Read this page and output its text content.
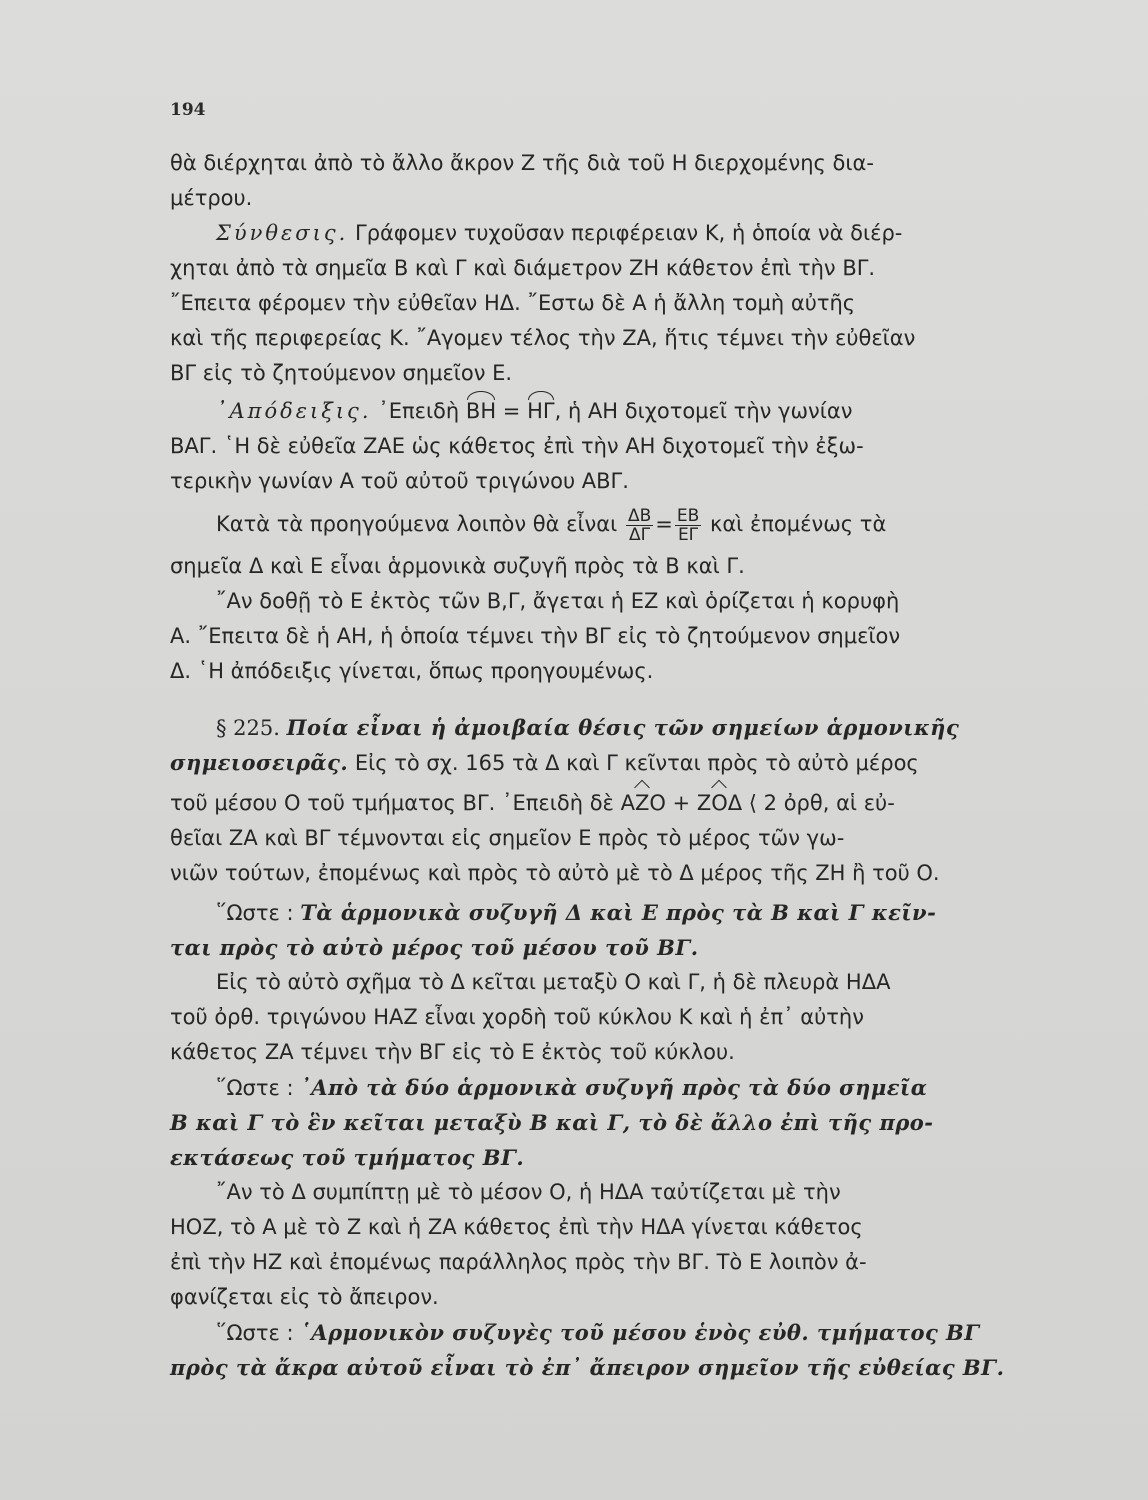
194
θὰ διέρχηται ἀπὸ τὸ ἄλλο ἄκρον Ζ τῆς διὰ τοῦ Η διερχομένης δια-
μέτρου.
Σύνθεσις. Γράφομεν τυχοῦσαν περιφέρειαν Κ, ἡ ὁποία νὰ διέρ-
χηται ἀπὸ τὰ σημεῖα Β καὶ Γ καὶ διάμετρον ΖΗ κάθετον ἐπὶ τὴν ΒΓ.
῎Επειτα φέρομεν τὴν εὐθεῖαν ΗΔ. ῎Εστω δὲ Α ἡ ἄλλη τομὴ αὐτῆς
καὶ τῆς περιφερείας Κ. ῎Αγομεν τέλος τὴν ΖΑ, ἥτις τέμνει τὴν εὐθεῖαν
ΒΓ εἰς τὸ ζητούμενον σημεῖον Ε.
᾿Απόδειξις. ᾿Επειδὴ ΒΗ = ΗΓ, ἡ ΑΗ διχοτομεῖ τὴν γωνίαν
ΒΑΓ. ῾Η δὲ εὐθεῖα ΖΑΕ ὡς κάθετος ἐπὶ τὴν ΑΗ διχοτομεῖ τὴν ἐξω-
τερικὴν γωνίαν Α τοῦ αὐτοῦ τριγώνου ΑΒΓ.
Κατὰ τὰ προηγούμενα λοιπὸν θὰ εἶναι $\frac{\Delta B}{\Delta\Gamma} = \frac{EB}{E\Gamma}$ καὶ ἐπομένως τὰ
σημεῖα Δ καὶ Ε εἶναι ἁρμονικὰ συζυγῆ πρὸς τὰ Β καὶ Γ.
῎Αν δοθῇ τὸ Ε ἐκτὸς τῶν Β,Γ, ἄγεται ἡ ΕΖ καὶ ὁρίζεται ἡ κορυφὴ
Α. ῎Επειτα δὲ ἡ ΑΗ, ἡ ὁποία τέμνει τὴν ΒΓ εἰς τὸ ζητούμενον σημεῖον
Δ. ῾Η ἀπόδειξις γίνεται, ὅπως προηγουμένως.
§ 225. Ποία εἶναι ἡ ἀμοιβαία θέσις τῶν σημείων ἁρμονικῆς
σημειοσειρᾶς. Εἰς τὸ σχ. 165 τὰ Δ καὶ Γ κεῖνται πρὸς τὸ αὐτὸ μέρος
τοῦ μέσου Ο τοῦ τμήματος ΒΓ. ᾿Επειδὴ δὲ ΑΖΟ + ΖΟΔ ⟨ 2 ὀρθ, αἱ εὐ-
θεῖαι ΖΑ καὶ ΒΓ τέμνονται εἰς σημεῖον Ε πρὸς τὸ μέρος τῶν γω-
νιῶν τούτων, ἐπομένως καὶ πρὸς τὸ αὐτὸ μὲ τὸ Δ μέρος τῆς ΖΗ ἢ τοῦ Ο.
῞Ωστε : Τὰ ἁρμονικὰ συζυγῆ Δ καὶ Ε πρὸς τὰ Β καὶ Γ κεῖν-
ται πρὸς τὸ αὐτὸ μέρος τοῦ μέσου τοῦ ΒΓ.
Εἰς τὸ αὐτὸ σχῆμα τὸ Δ κεῖται μεταξὺ Ο καὶ Γ, ἡ δὲ πλευρὰ ΗΔΑ
τοῦ ὀρθ. τριγώνου ΗΑΖ εἶναι χορδὴ τοῦ κύκλου Κ καὶ ἡ ἐπ᾿ αὐτὴν
κάθετος ΖΑ τέμνει τὴν ΒΓ εἰς τὸ Ε ἐκτὸς τοῦ κύκλου.
῞Ωστε : ᾿Απὸ τὰ δύο ἁρμονικὰ συζυγῆ πρὸς τὰ δύο σημεῖα
Β καὶ Γ τὸ ἓν κεῖται μεταξὺ Β καὶ Γ, τὸ δὲ ἄλλο ἐπὶ τῆς προ-
εκτάσεως τοῦ τμήματος ΒΓ.
῎Αν τὸ Δ συμπίπτῃ μὲ τὸ μέσον Ο, ἡ ΗΔΑ ταὐτίζεται μὲ τὴν
ΗΟΖ, τὸ Α μὲ τὸ Ζ καὶ ἡ ΖΑ κάθετος ἐπὶ τὴν ΗΔΑ γίνεται κάθετος
ἐπὶ τὴν ΗΖ καὶ ἐπομένως παράλληλος πρὸς τὴν ΒΓ. Τὸ Ε λοιπὸν ἀ-
φανίζεται εἰς τὸ ἄπειρον.
῞Ωστε : ῾Αρμονικὸν συζυγὲς τοῦ μέσου ἑνὸς εὐθ. τμήματος ΒΓ
πρὸς τὰ ἄκρα αὐτοῦ εἶναι τὸ ἐπ᾿ ἄπειρον σημεῖον τῆς εὐθείας ΒΓ.
